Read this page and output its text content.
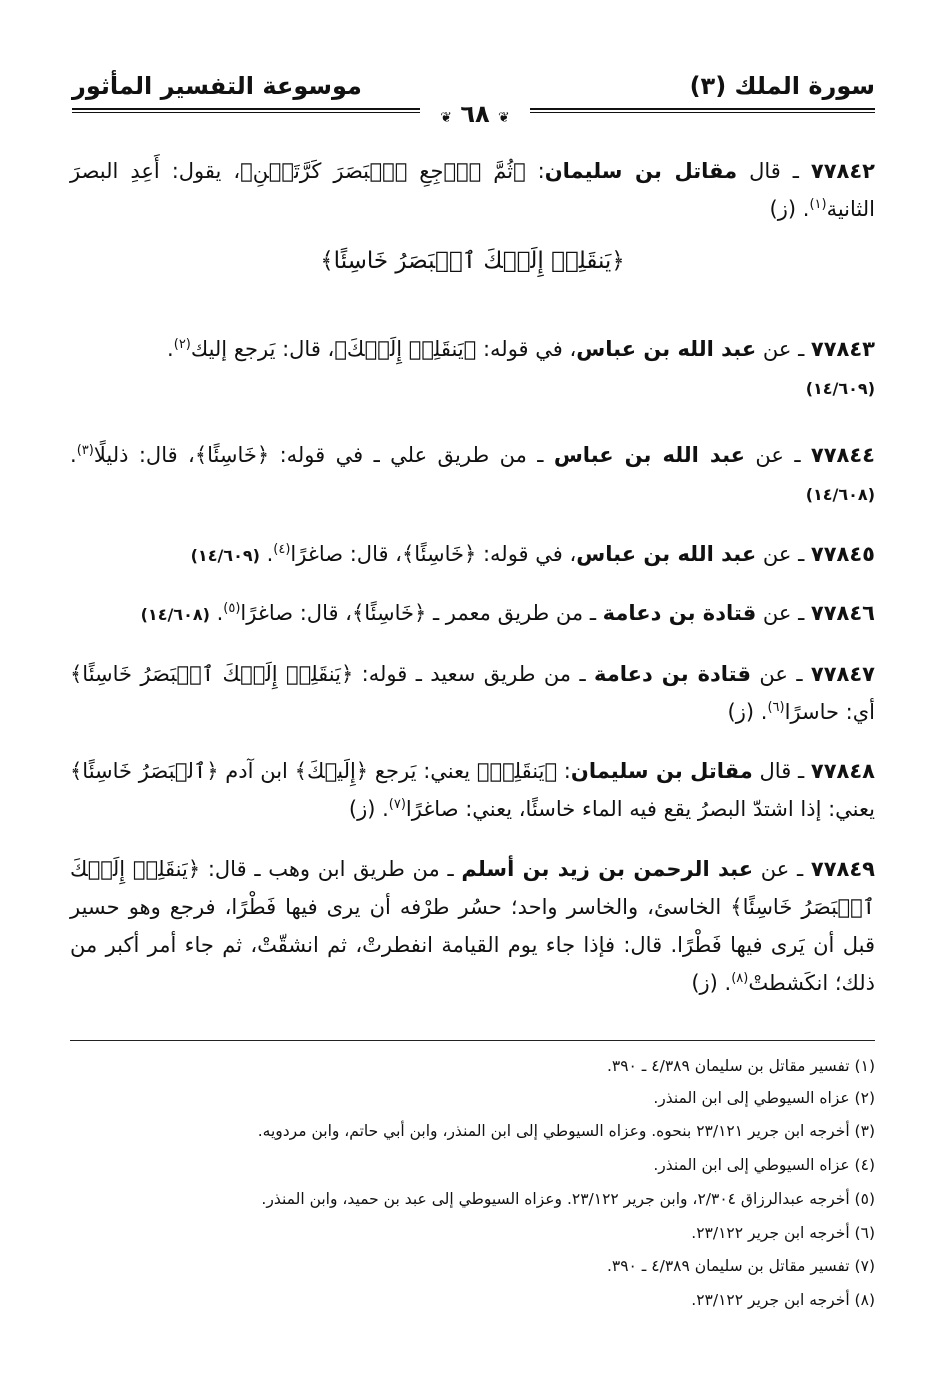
سورة الملك (٣)
موسوعة التفسير المأثور
❦ ٦٨ ❦
٧٧٨٤٢ ـ قال مقاتل بن سليمان: ﴿ثُمَّ ٱرۡجِعِ ٱلۡبَصَرَ كَرَّتَيۡنِ﴾، يقول: أَعِدِ البصرَ الثانية$^{(١)}$. (ز)
﴿يَنقَلِبۡ إِلَيۡكَ ٱلۡبَصَرُ خَاسِئًا﴾
٧٧٨٤٣ ـ عن عبد الله بن عباس، في قوله: ﴿يَنقَلِبۡ إِلَيۡكَ﴾، قال: يَرجع إليك$^{(٢)}$.
(١٤/٦٠٩)
٧٧٨٤٤ ـ عن عبد الله بن عباس ـ من طريق علي ـ في قوله: ﴿خَاسِئًا﴾، قال: ذليلًا$^{(٣)}$. (١٤/٦٠٨)
٧٧٨٤٥ ـ عن عبد الله بن عباس، في قوله: ﴿خَاسِئًا﴾، قال: صاغرًا$^{(٤)}$. (١٤/٦٠٩)
٧٧٨٤٦ ـ عن قتادة بن دعامة ـ من طريق معمر ـ ﴿خَاسِئًا﴾، قال: صاغرًا$^{(٥)}$. (١٤/٦٠٨)
٧٧٨٤٧ ـ عن قتادة بن دعامة ـ من طريق سعيد ـ قوله: ﴿يَنقَلِبۡ إِلَيۡكَ ٱلۡبَصَرُ خَاسِئًا﴾ أي: حاسرًا$^{(٦)}$. (ز)
٧٧٨٤٨ ـ قال مقاتل بن سليمان: ﴿يَنقَلِبۡ﴾ يعني: يَرجع ﴿إِلَيۡكَ﴾ ابن آدم ﴿ٱلۡبَصَرُ خَاسِئًا﴾ يعني: إذا اشتدّ البصرُ يقع فيه الماء خاسئًا، يعني: صاغرًا$^{(٧)}$. (ز)
٧٧٨٤٩ ـ عن عبد الرحمن بن زيد بن أسلم ـ من طريق ابن وهب ـ قال: ﴿يَنقَلِبۡ إِلَيۡكَ ٱلۡبَصَرُ خَاسِئًا﴾ الخاسئ، والخاسر واحد؛ حسُر طرْفه أن يرى فيها فَطْرًا، فرجع وهو حسير قبل أن يَرى فيها فَطْرًا. قال: فإذا جاء يوم القيامة انفطرتْ، ثم انشقّتْ، ثم جاء أمر أكبر من ذلك؛ انكَشطتْ$^{(٨)}$. (ز)
(١) تفسير مقاتل بن سليمان ٤/٣٨٩ ـ ٣٩٠.
(٢) عزاه السيوطي إلى ابن المنذر.
(٣) أخرجه ابن جرير ٢٣/١٢١ بنحوه. وعزاه السيوطي إلى ابن المنذر، وابن أبي حاتم، وابن مردويه.
(٤) عزاه السيوطي إلى ابن المنذر.
(٥) أخرجه عبدالرزاق ٢/٣٠٤، وابن جرير ٢٣/١٢٢. وعزاه السيوطي إلى عبد بن حميد، وابن المنذر.
(٦) أخرجه ابن جرير ٢٣/١٢٢.
(٧) تفسير مقاتل بن سليمان ٤/٣٨٩ ـ ٣٩٠.
(٨) أخرجه ابن جرير ٢٣/١٢٢.
